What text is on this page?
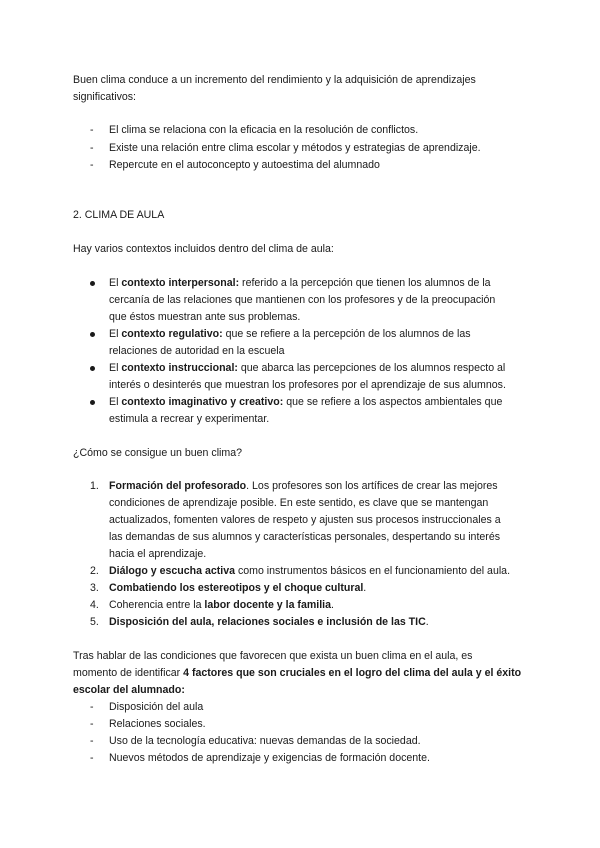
Buen clima conduce a un incremento del rendimiento y la adquisición de aprendizajes
significativos:
- El clima se relaciona con la eficacia en la resolución de conflictos.
- Existe una relación entre clima escolar y métodos y estrategias de aprendizaje.
- Repercute en el autoconcepto y autoestima del alumnado
2. CLIMA DE AULA
Hay varios contextos incluidos dentro del clima de aula:
El contexto interpersonal: referido a la percepción que tienen los alumnos de la
cercanía de las relaciones que mantienen con los profesores y de la preocupación
que éstos muestran ante sus problemas.
El contexto regulativo: que se refiere a la percepción de los alumnos de las
relaciones de autoridad en la escuela
El contexto instruccional: que abarca las percepciones de los alumnos respecto al
interés o desinterés que muestran los profesores por el aprendizaje de sus alumnos.
El contexto imaginativo y creativo: que se refiere a los aspectos ambientales que
estimula a recrear y experimentar.
¿Cómo se consigue un buen clima?
1. Formación del profesorado. Los profesores son los artífices de crear las mejores
condiciones de aprendizaje posible. En este sentido, es clave que se mantengan
actualizados, fomenten valores de respeto y ajusten sus procesos instruccionales a
las demandas de sus alumnos y características personales, despertando su interés
hacia el aprendizaje.
2. Diálogo y escucha activa como instrumentos básicos en el funcionamiento del aula.
3. Combatiendo los estereotipos y el choque cultural.
4. Coherencia entre la labor docente y la familia.
5. Disposición del aula, relaciones sociales e inclusión de las TIC.
Tras hablar de las condiciones que favorecen que exista un buen clima en el aula, es
momento de identificar 4 factores que son cruciales en el logro del clima del aula y el éxito
escolar del alumnado:
- Disposición del aula
- Relaciones sociales.
- Uso de la tecnología educativa: nuevas demandas de la sociedad.
- Nuevos métodos de aprendizaje y exigencias de formación docente.
